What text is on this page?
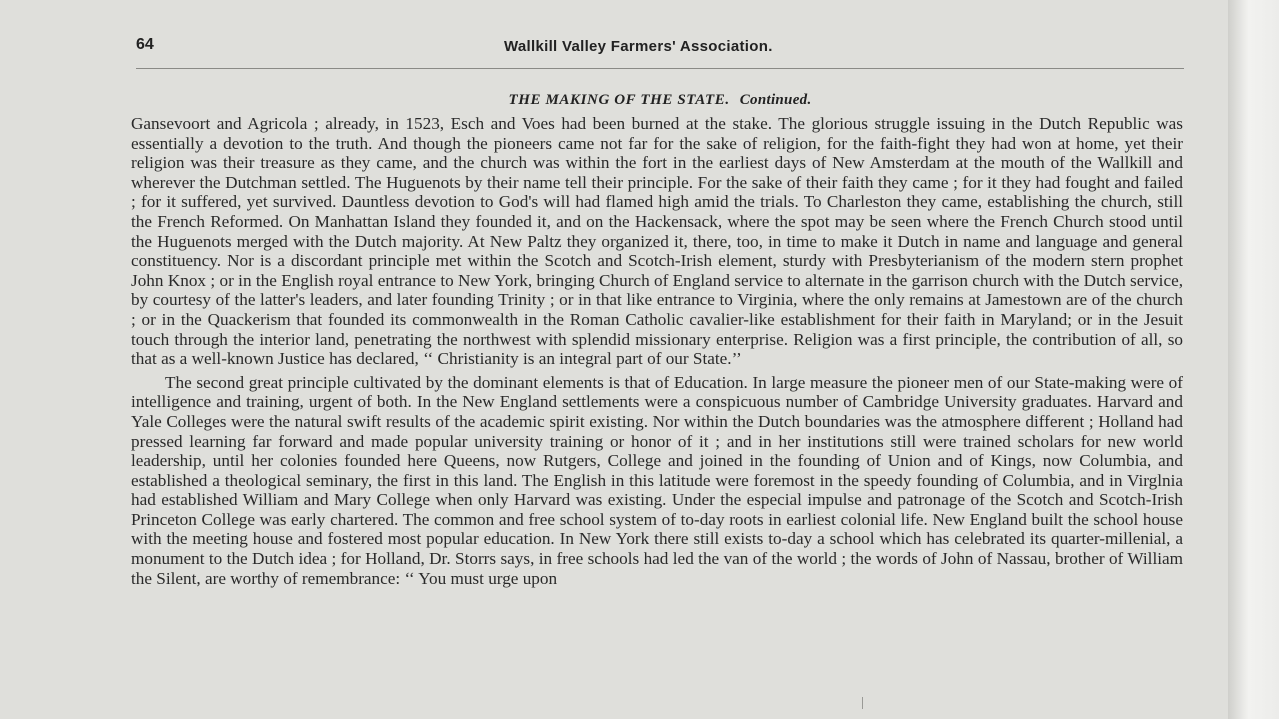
64	Wallkill Valley Farmers' Association.
THE MAKING OF THE STATE. Continued.

Gansevoort and Agricola ; already, in 1523, Esch and Voes had been burned at the stake. The glorious struggle issuing in the Dutch Republic was essentially a devotion to the truth. And though the pioneers came not far for the sake of religion, for the faith-fight they had won at home, yet their religion was their treasure as they came, and the church was within the fort in the earliest days of New Amsterdam at the mouth of the Wallkill and wherever the Dutchman settled. The Huguenots by their name tell their principle. For the sake of their faith they came ; for it they had fought and failed ; for it suffered, yet survived. Dauntless devotion to God's will had flamed high amid the trials. To Charleston they came, establishing the church, still the French Reformed. On Manhattan Island they founded it, and on the Hackensack, where the spot may be seen where the French Church stood until the Huguenots merged with the Dutch majority. At New Paltz they organized it, there, too, in time to make it Dutch in name and language and general constituency. Nor is a discordant principle met within the Scotch and Scotch-Irish element, sturdy with Presbyterianism of the modern stern prophet John Knox ; or in the English royal entrance to New York, bringing Church of England service to alternate in the garrison church with the Dutch service, by courtesy of the latter's leaders, and later founding Trinity ; or in that like entrance to Virginia, where the only remains at Jamestown are of the church ; or in the Quackerism that founded its commonwealth in the Roman Catholic cavalier-like establishment for their faith in Maryland; or in the Jesuit touch through the interior land, penetrating the northwest with splendid missionary enterprise. Religion was a first principle, the contribution of all, so that as a well-known Justice has declared, ‘‘ Christianity is an integral part of our State.’’

The second great principle cultivated by the dominant elements is that of Education. In large measure the pioneer men of our State-making were of intelligence and training, urgent of both. In the New England settlements were a conspicuous number of Cambridge University graduates. Harvard and Yale Colleges were the natural swift results of the academic spirit existing. Nor within the Dutch boundaries was the atmosphere different ; Holland had pressed learning far forward and made popular university training or honor of it ; and in her institutions still were trained scholars for new world leadership, until her colonies founded here Queens, now Rutgers, College and joined in the founding of Union and of Kings, now Columbia, and established a theological seminary, the first in this land. The English in this latitude were foremost in the speedy founding of Columbia, and in Virglnia had established William and Mary College when only Harvard was existing. Under the especial impulse and patronage of the Scotch and Scotch-Irish Princeton College was early chartered. The common and free school system of to-day roots in earliest colonial life. New England built the school house with the meeting house and fostered most popular education. In New York there still exists to-day a school which has celebrated its quarter-millenial, a monument to the Dutch idea ; for Holland, Dr. Storrs says, in free schools had led the van of the world ; the words of John of Nassau, brother of William the Silent, are worthy of remembrance: ‘‘ You must urge upon
